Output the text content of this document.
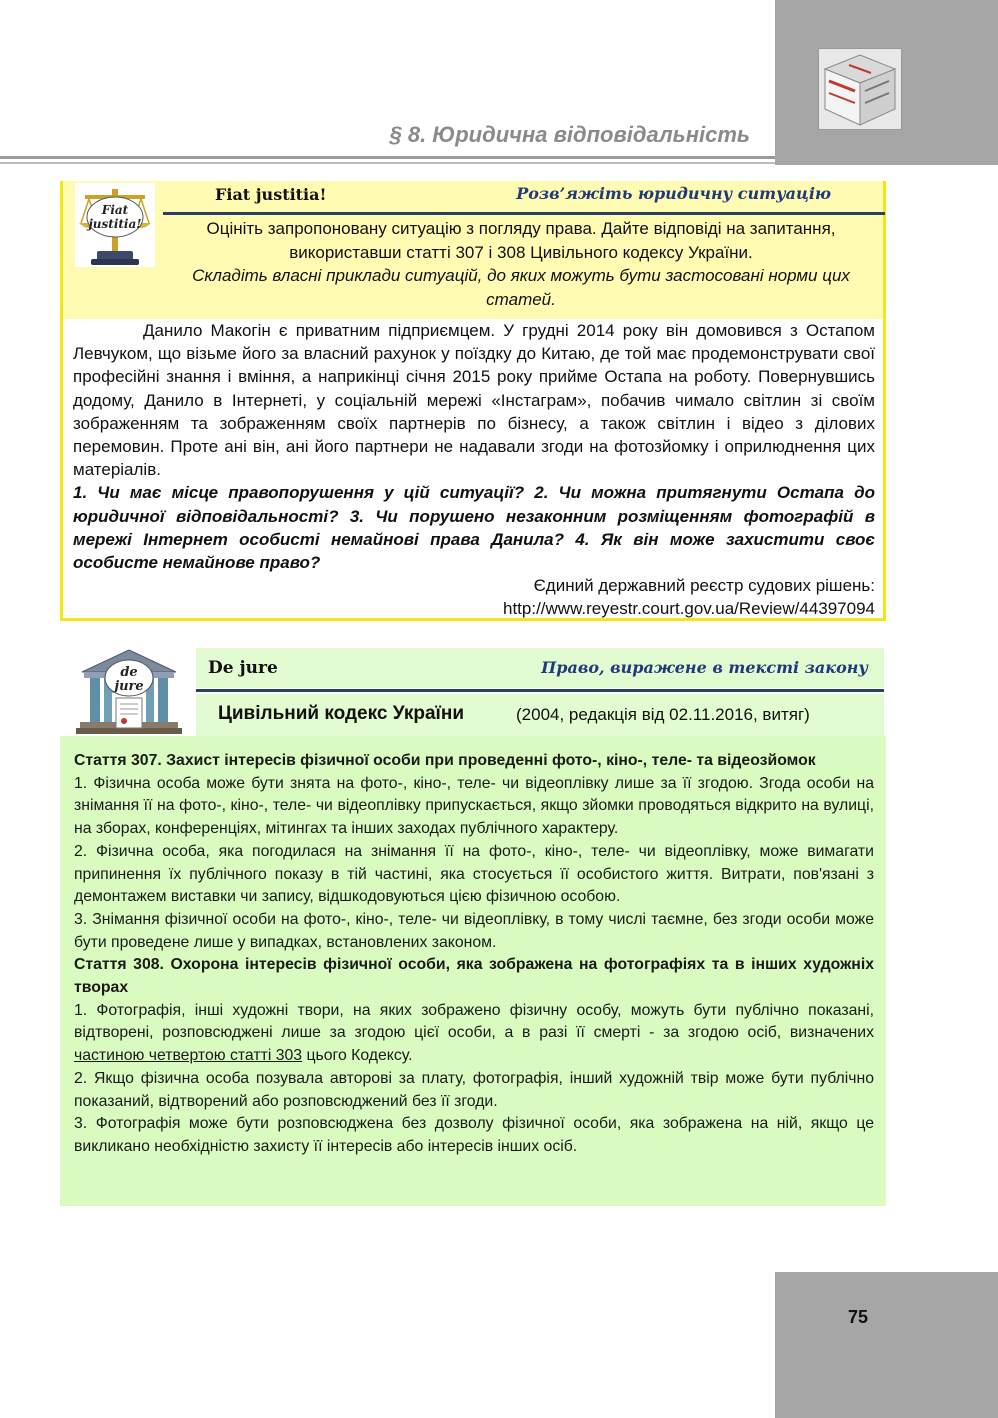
§ 8. Юридична відповідальність
Fiat
justitia!
Fiat justitia!	Розв’яжіть юридичну ситуацію
Оцініть запропоновану ситуацію з погляду права. Дайте відповіді на запитання, використавши статті 307 і 308 Цивільного кодексу України.
Складіть власні приклади ситуацій, до яких можуть бути застосовані норми цих статей.

Данило Макогін є приватним підприємцем. У грудні 2014 року він домовився з Остапом Левчуком, що візьме його за власний рахунок у поїздку до Китаю, де той має продемонструвати свої професійні знання і вміння, а наприкінці січня 2015 року прийме Остапа на роботу. Повернувшись додому, Данило в Інтернеті, у соціальній мережі «Інстаграм», побачив чимало світлин зі своїм зображенням та зображенням своїх партнерів по бізнесу, а також світлин і відео з ділових перемовин. Проте ані він, ані його партнери не надавали згоди на фотозйомку і оприлюднення цих матеріалів.

1. Чи має місце правопорушення у цій ситуації? 2. Чи можна притягнути Остапа до юридичної відповідальності? 3. Чи порушено незаконним розміщенням фотографій в мережі Інтернет особисті немайнові права Данила? 4. Як він може захистити своє особисте немайнове право?

Єдиний державний реєстр судових рішень:

http://www.reyestr.court.gov.ua/Review/44397094

de
jure
De jure	Право, виражене в тексті закону
Цивільний кодекс України	(2004, редакція від 02.11.2016, витяг)

Стаття 307. Захист інтересів фізичної особи при проведенні фото-, кіно-, теле- та відеозйомок

1. Фізична особа може бути знята на фото-, кіно-, теле- чи відеоплівку лише за її згодою. Згода особи на знімання її на фото-, кіно-, теле- чи відеоплівку припускається, якщо зйомки проводяться відкрито на вулиці, на зборах, конференціях, мітингах та інших заходах публічного характеру.

2. Фізична особа, яка погодилася на знімання її на фото-, кіно-, теле- чи відеоплівку, може вимагати припинення їх публічного показу в тій частині, яка стосується її особистого життя. Витрати, пов'язані з демонтажем виставки чи запису, відшкодовуються цією фізичною особою.

3. Знімання фізичної особи на фото-, кіно-, теле- чи відеоплівку, в тому числі таємне, без згоди особи може бути проведене лише у випадках, встановлених законом.

Стаття 308. Охорона інтересів фізичної особи, яка зображена на фотографіях та в інших художніх творах

1. Фотографія, інші художні твори, на яких зображено фізичну особу, можуть бути публічно показані, відтворені, розповсюджені лише за згодою цієї особи, а в разі її смерті - за згодою осіб, визначених частиною четвертою статті 303 цього Кодексу.

2. Якщо фізична особа позувала авторові за плату, фотографія, інший художній твір може бути публічно показаний, відтворений або розповсюджений без її згоди.

3. Фотографія може бути розповсюджена без дозволу фізичної особи, яка зображена на ній, якщо це викликано необхідністю захисту її інтересів або інтересів інших осіб.

75
